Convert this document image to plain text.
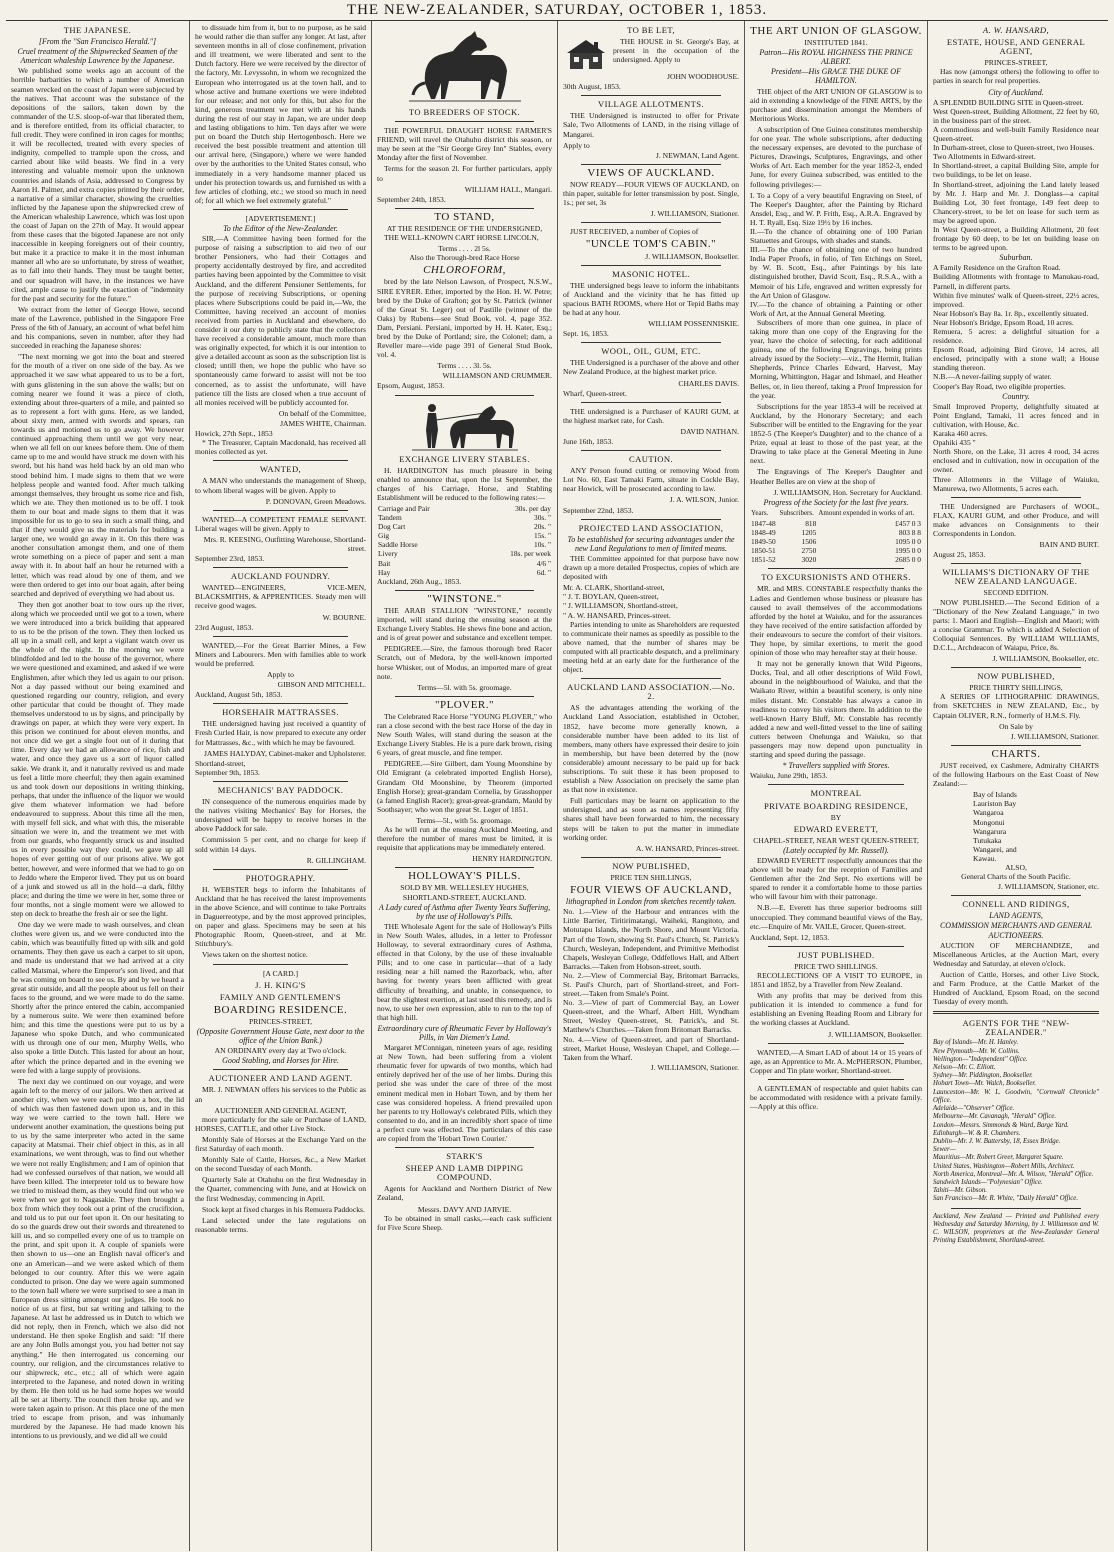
THE NEW-ZEALANDER, SATURDAY, OCTOBER 1, 1853.
THE JAPANESE.
[From the "San Francisco Herald."]
Cruel treatment of the Shipwrecked Seamen of the American whaleship Lawrence by the Japanese.

We published some weeks ago an account of the horrible barbarities to which a number of American seamen wrecked on the coast of Japan were subjected by the natives. That account was the substance of the depositions of the sailors, taken down by the commander of the U.S. sloop-of-war that liberated them, and is therefore entitled, from its official character, to full credit. They were confined in iron cages for months; it will be recollected, treated with every species of indignity, compelled to trample upon the cross, and carried about like wild beasts. We find in a very interesting and valuable memoir upon the unknown countries and islands of Asia, addressed to Congress by Aaron H. Palmer, and extra copies printed by their order, a narrative of a similar character, showing the cruelties inflicted by the Japanese upon the shipwrecked crew of the American whaleship Lawrence, which was lost upon the coast of Japan on the 27th of May. It would appear from these cases that the bigoted Japanese are not only inaccessible in keeping foreigners out of their country, but make it a practice to make it in the most inhuman manner all who are so unfortunate, by stress of weather, as to fall into their hands. They must be taught better, and our squadron will have, in the instances we have cited, ample cause to justify the exaction of "indemnity for the past and security for the future."

We extract from the letter of George Howe, second mate of the Lawrence, published in the Singapore Free Press of the 6th of January, an account of what befel him and his companions, seven in number, after they had succeeded in reaching the Japanese shores:

"The next morning we got into the boat and steered for the mouth of a river on one side of the bay. As we approached it we saw what appeared to us to be a fort, with guns glistening in the sun above the walls; but on coming nearer we found it was a piece of cloth, extending about three-quarters of a mile, and painted so as to represent a fort with guns. Here, as we landed, about sixty men, armed with swords and spears, ran towards us and motioned us to go away. We however continued approaching them until we got very near, when we all fell on our knees before them. One of them came up to me and would have struck me down with his sword, but his hand was held back by an old man who stood behind him. I made signs to them that we were helpless people and wanted food. After much talking amongst themselves, they brought us some rice and fish, which we ate. They then motioned us to be off. I took them to our boat and made signs to them that it was impossible for us to go to sea in such a small thing, and that if they would give us the materials for building a larger one, we would go away in it. On this there was another consultation amongst them, and one of them wrote something on a piece of paper and sent a man away with it. In about half an hour he returned with a letter, which was read aloud by one of them, and we were then ordered to get into our boat again, after being searched and deprived of everything we had about us.

They then got another boat to tow ours up the river, along which we proceeded until we got to a town, where we were introduced into a brick building that appeared to us to be the prison of the town. They then locked us all up in a small cell, and kept a vigilant watch over us the whole of the night. In the morning we were blindfolded and led to the house of the governor, where we were questioned and examined, and asked if we were Englishmen, after which they led us again to our prison. Not a day passed without our being examined and questioned regarding our country, religion, and every other particular that could be thought of. They made themselves understood to us by signs, and principally by drawings on paper, at which they were very expert. In this prison we continued for about eleven months, and not once did we get a single foot out of it during that time. Every day we had an allowance of rice, fish and water, and once they gave us a sort of liquor called sakie. We drank it, and it naturally revived us and made us feel a little more cheerful; they then again examined us and took down our depositions in writing thinking, perhaps, that under the influence of the liquor we would give them whatever information we had before endeavoured to suppress. About this time all the men, with myself fell sick, and what with this, the miserable situation we were in, and the treatment we met with from our guards, who frequently struck us and insulted us in every possible way they could, we gave up all hopes of ever getting out of our prisons alive. We got better, however, and were informed that we had to go on to Jeddo where the Emperor lived. They put us on board of a junk and stowed us all in the hold—a dark, filthy place; and during the time we were in her, some three or four months, not a single moment were we allowed to step on deck to breathe the fresh air or see the light.

One day we were made to wash ourselves, and clean clothes were given us, and we were conducted into the cabin, which was beautifully fitted up with silk and gold ornaments. They then gave us each a carpet to sit upon, and made us understand that we had arrived at a city called Matsmai, where the Emperor's son lived, and that he was coming on board to see us. By and by we heard a great stir outside, and all the people about us fell on their faces to the ground, and we were made to do the same. Shortly after the prince entered the cabin, accompanied by a numerous suite. We were then examined before him; and this time the questions were put to us by a Japanese who spoke Dutch, and who communicated with us through one of our men, Murphy Wells, who also spoke a little Dutch. This lasted for about an hour, after which the prince departed and in the evening we were fed with a large supply of provisions.

The next day we continued on our voyage, and were again left to the mercy of our jailors. We then arrived at another city, when we were each put into a box, the lid of which was then fastened down upon us, and in this way we were carried to the town hall. Here we underwent another examination, the questions being put to us by the same interpreter who acted in the same capacity at Matsmai. Their chief object in this, as in all examinations, we went through, was to find out whether we were not really Englishmen; and I am of opinion that had we confessed ourselves of that nation, we would all have been killed. The interpreter told us to beware how we tried to mislead them, as they would find out who we were when we got to Nagasakie. They then brought a box from which they took out a print of the crucifixion, and told us to put our feet upon it. On our hesitating to do so the guards drew out their swords and threatened to kill us, and so compelled every one of us to trample on the print, and spit upon it. A couple of spaniels were then shown to us—one an English naval officer's and one an American—and we were asked which of them belonged to our country. After this we were again conducted to prison. One day we were again summoned to the town hall where we were surprised to see a man in European dress sitting amongst our judges. He took no notice of us at first, but sat writing and talking to the Japanese. At last he addressed us in Dutch to which we did not reply, then in French, which we also did not understand. He then spoke English and said: "If there are any John Bulls amongst you, you had better not say anything." He then interrogated us concerning our country, our religion, and the circumstances relative to our shipwreck, etc., etc.; all of which were again interpreted to the Japanese, and noted down in writing by them. He then told us he had some hopes we would all be set at liberty. The council then broke up, and we were taken again to prison. At this place one of the men tried to escape from prison, and was inhumanly murdered by the Japanese. He had made known his intentions to us previously, and we did all we could

to dissuade him from it, but to no purpose, as he said he would rather die than suffer any longer. At last, after seventeen months in all of close confinement, privation and ill treatment, we were liberated and sent to the Dutch factory. Here we were received by the director of the factory, Mr. Levyssohn, in whom we recognized the European who interrogated us at the town hall, and to whose active and humane exertions we were indebted for our release; and not only for this, but also for the kind, generous treatment we met with at his hands during the rest of our stay in Japan, we are under deep and lasting obligations to him. Ten days after we were put on board the Dutch ship Hertogenbosch. Here we received the best possible treatment and attention till our arrival here, (Singapore,) where we were handed over by the authorities to the United States consul, who immediately in a very handsome manner placed us under his protection towards us, and furnished us with a few articles of clothing, etc.; we stood so much in need of; for all which we feel extremely grateful."

[ADVERTISEMENT.]
To the Editor of the New-Zealander.

SIR,—A Committee having been formed for the purpose of raising a subscription to aid two of our brother Pensioners, who had their Cottages and property accidentally destroyed by fire, and accredited parties having been appointed by the Committee to visit Auckland, and the different Pensioner Settlements, for the purpose of receiving Subscriptions, or opening places where Subscriptions could be paid in,—We, the Committee, having received an account of monies received from parties in Auckland and elsewhere, do consider it our duty to publicly state that the collectors have received a considerable amount, much more than was originally expected, for which it is our intention to give a detailed account as soon as the subscription list is closed; untill then, we hope the public who have so spontaneously came forward to assist will not be too concerned, as to assist the unfortunate, will have patience till the lists are closed when a true account of all monies received will be publicly accounted for.

On behalf of the Committee,
JAMES WHITE, Chairman.
Howick, 27th Sept., 1853

* The Treasurer, Captain Macdonald, has received all monies collected as yet.

WANTED,

A MAN who understands the management of Sheep, to whom liberal wages will be given. Apply to

P. DONOVAN, Green Meadows.

WANTED—A COMPETENT FEMALE SERVANT. Liberal wages will be given. Apply to

Mrs. R. KEESING, Outfitting Warehouse, Shortland-street.
September 23rd, 1853.
AUCKLAND FOUNDRY.

WANTED—ENGINEERS, VICE-MEN, BLACKSMITHS, & APPRENTICES. Steady men will receive good wages.

W. BOURNE.
23rd August, 1853.

WANTED,—For the Great Barrier Mines, a Few Miners and Labourers. Men with families able to work would be preferred.

Apply to
GIBSON AND MITCHELL.
Auckland, August 5th, 1853.
HORSEHAIR MATTRASSES.

THE undersigned having just received a quantity of Fresh Curled Hair, is now prepared to execute any order for Mattrasses, &c., with which he may be favoured.

JAMES HALYDAY, Cabinet-maker and Upholsterer.
Shortland-street,
September 9th, 1853.
MECHANICS' BAY PADDOCK.

IN consequence of the numerous enquiries made by the natives visiting Mechanics' Bay for Horses, the undersigned will be happy to receive horses in the above Paddock for sale.

Commission 5 per cent, and no charge for keep if sold within 14 days.

R. GILLINGHAM.
PHOTOGRAPHY.

H. WEBSTER begs to inform the Inhabitants of Auckland that he has received the latest improvements in the above Science, and will continue to take Portraits in Daguerreotype, and by the most approved principles, on paper and glass. Specimens may be seen at his Photographic Room, Queen-street, and at Mr. Stitchbury's.

Views taken on the shortest notice.

[A CARD.]
J. H. KING'S
FAMILY AND GENTLEMEN'S
BOARDING RESIDENCE.
PRINCES-STREET,
(Opposite Government House Gate, next door to the office of the Union Bank.)
AN ORDINARY every day at Two o'clock.
Good Stabling, and Horses for Hire.
AUCTIONEER AND LAND AGENT.

MR. J. NEWMAN offers his services to the Public as an

AUCTIONEER AND GENERAL AGENT,

more particularly for the sale or Purchase of LAND, HORSES, CATTLE, and other Live Stock.

Monthly Sale of Horses at the Exchange Yard on the first Saturday of each month.

Monthly Sale of Cattle, Horses, &c., a New Market on the second Tuesday of each Month.

Quarterly Sale at Otahuhu on the first Wednesday in the Quarter, commencing with June, and at Howick on the first Wednesday, commencing in April.

Stock kept at fixed charges in his Remuera Paddocks.

Land selected under the late regulations on reasonable terms.

TO BREEDERS OF STOCK.

THE POWERFUL DRAUGHT HORSE FARMER'S FRIEND, will travel the Otahuhu district this season, or may be seen at the "Sir George Grey Inn" Stables, every Monday after the first of November.

Terms for the season 2l. For further particulars, apply to

WILLIAM HALL, Mangari.
September 24th, 1853.
TO STAND,
AT THE RESIDENCE OF THE UNDERSIGNED,

THE WELL-KNOWN CART HORSE LINCOLN,

Terms . . . . 2l 5s.
Also the Thorough-bred Race Horse
CHLOROFORM,

bred by the late Nelson Lawson, of Prospect, N.S.W., SIRE EYRER. Ether, imported by the Hon. H. W. Petre; bred by the Duke of Grafton; got by St. Patrick (winner of the Great St. Leger) out of Pastille (winner of the Oaks) by Rubens—see Stud Book, vol. 4, page 352. Dam, Persiani. Persiani, imported by H. H. Kater, Esq.; bred by the Duke of Portland; sire, the Colonel; dam, a Reveller mare—vide page 391 of General Stud Book, vol. 4.

Terms . . . . 3l. 5s.
WILLIAMSON AND CRUMMER.
Epsom, August, 1853.
EXCHANGE LIVERY STABLES.

H. HARDINGTON has much pleasure in being enabled to announce that, upon the 1st September, the charges of his Carriage, Horse, and Stabling Establishment will be reduced to the following rates:—

Carriage and Pair	30s. per day
Tandem	30s. "
Dog Cart	20s. "
Gig	15s. "
Saddle Horse	10s. "
Livery	18s. per week
Bait	4/6 "
Hay	6d. "
Auckland, 26th Aug., 1853.
"WINSTONE."

THE ARAB STALLION "WINSTONE," recently imported, will stand during the ensuing season at the Exchange Livery Stables. He shews fine bone and action, and is of great power and substance and excellent temper.

PEDIGREE.—Sire, the famous thorough bred Racer Scratch, out of Medora, by the well-known imported horse Whisker, out of Modus, an imported mare of great note.

Terms—5l. with 5s. groomage.
"PLOVER."

The Celebrated Race Horse "YOUNG PLOVER," who ran a close second with the best race Horse of the day in New South Wales, will stand during the season at the Exchange Livery Stables. He is a pure dark brown, rising 6 years, of great muscle, and fine temper.

PEDIGREE.—Sire Gilbert, dam Young Moonshine by Old Emigrant (a celebrated imported English Horse), Grandam Old Moonshine, by Theorem (imported English Horse); great-grandam Cornelia, by Grasshopper (a famed English Racer); great-great-grandam, Mauld by Soothsayer; who won the great St. Leger of 1851.

Terms—5l., with 5s. groomage.

As he will run at the ensuing Auckland Meeting, and therefore the number of mares must be limited, it is requisite that applications may be immediately entered.

HENRY HARDINGTON.
HOLLOWAY'S PILLS.
SOLD BY MR. WELLESLEY HUGHES,
SHORTLAND-STREET, AUCKLAND.
A Lady cured of Asthma after Twenty Years Suffering, by the use of Holloway's Pills.

THE Wholesale Agent for the sale of Holloway's Pills in New South Wales, alludes, in a letter to Professor Holloway, to several extraordinary cures of Asthma, effected in that Colony, by the use of these invaluable Pills; and to one case in particular—that of a lady residing near a hill named the Razorback, who, after having for twenty years been afflicted with great difficulty of breathing, and unable, in consequence, to bear the slightest exertion, at last used this remedy, and is now, to use her own expression, able to run to the top of that high hill.

Extraordinary cure of Rheumatic Fever by Holloway's Pills, in Van Diemen's Land.

Margaret M'Connigan, nineteen years of age, residing at New Town, had been suffering from a violent rheumatic fever for upwards of two months, which had entirely deprived her of the use of her limbs. During this period she was under the care of three of the most eminent medical men in Hobart Town, and by them her case was considered hopeless. A friend prevailed upon her parents to try Holloway's celebrated Pills, which they consented to do, and in an incredibly short space of time a perfect cure was effected. The particulars of this case are copied from the 'Hobart Town Courier.'

STARK'S
SHEEP AND LAMB DIPPING COMPOUND.

Agents for Auckland and Northern District of New Zealand,

Messrs. DAVY AND JARVIE.

To be obtained in small casks,—each cask sufficient for Five Score Sheep.

TO BE LET,

THE HOUSE in St. George's Bay, at present in the occupation of the undersigned. Apply to

JOHN WOODHOUSE.
30th August, 1853.
VILLAGE ALLOTMENTS.

THE Undersigned is instructed to offer for Private Sale, Two Allotments of LAND, in the rising village of Mangarei.

Apply to
J. NEWMAN, Land Agent.
VIEWS OF AUCKLAND.

NOW READY—FOUR VIEWS OF AUCKLAND, on thin paper, suitable for letter transmission by post. Single, 1s.; per set, 3s

J. WILLIAMSON, Stationer.

JUST RECEIVED, a number of Copies of

"UNCLE TOM'S CABIN."
J. WILLIAMSON, Bookseller.
MASONIC HOTEL.

THE undersigned begs leave to inform the inhabitants of Auckland and the vicinity that he has fitted up spacious BATH ROOMS, where Hot or Tepid Baths may be had at any hour.

WILLIAM POSSENNISKIE.
Sept. 16, 1853.
WOOL, OIL, GUM, ETC.

THE Undersigned is a purchaser of the above and other New Zealand Produce, at the highest market price.

CHARLES DAVIS.
Wharf, Queen-street.

THE undersigned is a Purchaser of KAURI GUM, at the highest market rate, for Cash.

DAVID NATHAN.
June 16th, 1853.
CAUTION.

ANY Person found cutting or removing Wood from Lot No. 60, East Tamaki Farm, situate in Cockle Bay, near Howick, will be prosecuted according to law.

J. A. WILSON, Junior.
September 22nd, 1853.
PROJECTED LAND ASSOCIATION,
To be established for securing advantages under the new Land Regulations to men of limited means.

THE Committee appointed for that purpose have now drawn up a more detailed Prospectus, copies of which are deposited with

Mr. A. CLARK, Shortland-street,
" J. T. BOYLAN, Queen-street,
" J. WILLIAMSON, Shortland-street,
" A. W. HANSARD, Princes-street.

Parties intending to unite as Shareholders are requested to communicate their names as speedily as possible to the above named, that the number of shares may be computed with all practicable despatch, and a preliminary meeting held at an early date for the furtherance of the object.

AUCKLAND LAND ASSOCIATION.—No. 2.

AS the advantages attending the working of the Auckland Land Association, established in October, 1852, have become more generally known, a considerable number have been added to its list of members, many others have expressed their desire to join in membership, but have been deterred by the (now considerable) amount necessary to be paid up for back subscriptions. To suit these it has been proposed to establish a New Association on precisely the same plan as that now in existence.

Full particulars may be learnt on application to the undersigned, and as soon as names representing fifty shares shall have been forwarded to him, the necessary steps will be taken to put the matter in immediate working order.

A. W. HANSARD, Princes-street.
NOW PUBLISHED,
PRICE TEN SHILLINGS,
FOUR VIEWS OF AUCKLAND,
lithographed in London from sketches recently taken.
No. 1.—View of the Harbour and entrances with the Little Barrier, Tiritirimatangi, Waiheki, Rangitoto, and Motutapu Islands, the North Shore, and Mount Victoria. Part of the Town, showing St. Paul's Church, St. Patrick's Church, Wesleyan, Independent, and Primitive Methodist Chapels, Wesleyan College, Oddfellows Hall, and Albert Barracks.—Taken from Hobson-street, south.
No. 2.—View of Commercial Bay, Britomart Barracks, St. Paul's Church, part of Shortland-street, and Fort-street.—Taken from Smale's Point.
No. 3.—View of part of Commercial Bay, an Lower Queen-street, and the Wharf, Albert Hill, Wyndham Street, Wesley Queen-street, St. Patrick's, and St. Matthew's Churches.—Taken from Britomart Barracks.
No. 4.—View of Queen-street, and part of Shortland-street, Market House, Wesleyan Chapel, and College.—Taken from the Wharf.
J. WILLIAMSON, Stationer.
THE ART UNION OF GLASGOW.
INSTITUTED 1841.
Patron—His ROYAL HIGHNESS THE PRINCE ALBERT.
President—His GRACE THE DUKE OF HAMILTON.

THE object of the ART UNION OF GLASGOW is to aid in extending a knowledge of the FINE ARTS, by the purchase and dissemination amongst the Members of Meritorious Works.

A subscription of One Guinea constitutes membership for one year. The whole subscriptions, after deducting the necessary expenses, are devoted to the purchase of Pictures, Drawings, Sculptures, Engravings, and other Works of Art. Each member for the year 1852-3, ended June, for every Guinea subscribed, was entitled to the following privileges:—

I. To a Copy of a very beautiful Engraving on Steel, of The Keeper's Daughter, after the Painting by Richard Ansdel, Esq., and W. P. Frith, Esq., A.R.A. Engraved by H. T. Ryall, Esq. Size 19½ by 16 inches.
II.—To the chance of obtaining one of 100 Parian Statuettes and Groups, with shades and stands.
III.—To the chance of obtaining one of two hundred India Paper Proofs, in folio, of Ten Etchings on Steel, by W. B. Scott, Esq., after Paintings by his late distinguished brother, David Scott, Esq., R.S.A., with a Memoir of his Life, engraved and written expressly for the Art Union of Glasgow.
IV.—To the chance of obtaining a Painting or other Work of Art, at the Annual General Meeting.

Subscribers of more than one guinea, in place of taking more than one copy of the Engraving for the year, have the choice of selecting, for each additional guinea, one of the following Engravings, being prints already issued by the Society:—viz., The Hermit, Italian Shepherds, Prince Charles Edward, Harvest, May Morning, Whittington, Hagar and Ishmael, and Heather Belles, or, in lieu thereof, taking a Proof Impression for the year.

Subscriptions for the year 1853-4 will be received at Auckland, by the Honorary Secretary; and each Subscriber will be entitled to the Engraving for the year 1852-5 (The Keeper's Daughter) and to the chance of a Prize, equal at least to those of the past year, at the Drawing to take place at the General Meeting in June next.

The Engravings of The Keeper's Daughter and Heather Belles are on view at the shop of

J. WILLIAMSON, Hon. Secretary for Auckland.
Progress of the Society for the last five years.
Years.	Subscribers.	Amount expended in works of art.
1847-48	818	£457 0 3
1848-49	1205	803 8 8
1849-50	1506	1095 0 0
1850-51	2750	1995 0 0
1851-52	3020	2685 0 0
TO EXCURSIONISTS AND OTHERS.

MR. and MRS. CONSTABLE respectfully thanks the Ladies and Gentlemen whose business or pleasure has caused to avail themselves of the accommodations afforded by the hotel at Waiuku, and for the assurances they have received of the entire satisfaction afforded by their endeavours to secure the comfort of their visitors. They hope, by similar exertions, to merit the good opinion of those who may hereafter stay at their house.

It may not be generally known that Wild Pigeons, Ducks, Teal, and all other descriptions of Wild Fowl, abound in the neighbourhood of Waiuku, and that the Waikato River, within a beautiful scenery, is only nine miles distant. Mr. Constable has always a canoe in readiness to convey his visitors there. In addition to the well-known Harry Bluff, Mr. Constable has recently added a new and well-fitted vessel to the line of sailing cutters between Onehunga and Waiuku, so that passengers may now depend upon punctuality in starting and speed during the passage.

* Travellers supplied with Stores.
Waiuku, June 29th, 1853.
MONTREAL
PRIVATE BOARDING RESIDENCE,
BY
EDWARD EVERETT,
CHAPEL-STREET, NEAR WEST QUEEN-STREET,
(Lately occupied by Mr. Russell).

EDWARD EVERETT respectfully announces that the above will be ready for the reception of Families and Gentlemen after the 2nd Sept. No exertions will be spared to render it a comfortable home to those parties who will favour him with their patronage.

N.B.—E. Everett has three superior bedrooms still unoccupied. They command beautiful views of the Bay, etc.—Enquire of Mr. VAILE, Grocer, Queen-street.

Auckland, Sept. 12, 1853.
JUST PUBLISHED.
PRICE TWO SHILLINGS.

RECOLLECTIONS OF A VISIT TO EUROPE, in 1851 and 1852, by a Traveller from New Zealand.

With any profits that may be derived from this publication it is intended to commence a fund for establishing an Evening Reading Room and Library for the working classes at Auckland.

J. WILLIAMSON, Bookseller.

WANTED,—A Smart LAD of about 14 or 15 years of age, as an Apprentice to Mr. A. McPHERSON, Plumber, Copper and Tin plate worker, Shortland-street.

A GENTLEMAN of respectable and quiet habits can be accommodated with residence with a private family.—Apply at this office.

A. W. HANSARD,
ESTATE, HOUSE, AND GENERAL AGENT,
PRINCES-STREET,

Has now (amongst others) the following to offer to parties in search for real properties.

City of Auckland.
A SPLENDID BUILDING SITE in Queen-street.
West Queen-street, Building Allotment, 22 feet by 60, in the business part of the street.
A commodious and well-built Family Residence near Queen-street.
In Durham-street, close to Queen-street, two Houses.
Two Allotments in Edward-street.
In Shortland-street, a capital Building Site, ample for two buildings, to be let on lease.
In Shortland-street, adjoining the Land lately leased by Mr. J. Harp and Mr. J. Donglass—a capital Building Lot, 30 feet frontage, 149 feet deep to Chancery-street, to be let on lease for such term as may be agreed upon.
In West Queen-street, a Building Allotment, 20 feet frontage by 60 deep, to be let on building lease on terms to be agreed upon.
Suburban.
A Family Residence on the Grafton Road.
Building Allotments with frontage to Manukau-road, Parnell, in different parts.
Within five minutes' walk of Queen-street, 22½ acres, improved.
Near Hobson's Bay 8a. 1r. 8p., excellently situated.
Near Hobson's Bridge, Epsom Road, 10 acres.
Remuera, 5 acres: a delightful situation for a residence.
Epsom Road, adjoining Bird Grove, 14 acres, all enclosed, principally with a stone wall; a House standing thereon.
N.B.—A never-failing supply of water.
Cooper's Bay Road, two eligible properties.
Country.
Small Improved Property, delightfully situated at Point England, Tamaki, 11 acres fenced and in cultivation, with House, &c.
Karaka 460 acres.
Opahiki 435 "
North Shore, on the Lake, 31 acres 4 rood, 34 acres enclosed and in cultivation, now in occupation of the owner.
Three Allotments in the Village of Waiuku, Manurewa, two Allotments, 5 acres each.

THE Undersigned are Purchasers of WOOL, FLAX, KAURI GUM, and other Produce, and will make advances on Consignments to their Correspondents in London.

BAIN AND BURT.
August 25, 1853.
WILLIAMS'S DICTIONARY OF THE NEW ZEALAND LANGUAGE.
SECOND EDITION.

NOW PUBLISHED.—The Second Edition of a "Dictionary of the New Zealand Language," in two parts: 1. Maori and English—English and Maori; with a concise Grammar. To which is added A Selection of Colloquial Sentences. By WILLIAM WILLIAMS, D.C.L., Archdeacon of Waiapu, Price, 8s.

J. WILLIAMSON, Bookseller, etc.
NOW PUBLISHED,
PRICE THIRTY SHILLINGS,

A SERIES OF LITHOGRAPHIC DRAWINGS, from SKETCHES in NEW ZEALAND, Etc., by Captain OLIVER, R.N., formerly of H.M.S. Fly.

On Sale by
J. WILLIAMSON, Stationer.
CHARTS.

JUST received, ex Cashmere, Admiralty CHARTS of the following Harbours on the East Coast of New Zealand:—

Bay of Islands
Lauriston Bay
Wangaroa
Mongonui
Wangarura
Tutukaka
Wangarei, and
Kawau.
ALSO,
General Charts of the South Pacific.
J. WILLIAMSON, Stationer, etc.
CONNELL AND RIDINGS,
LAND AGENTS,
COMMISSION MERCHANTS AND GENERAL AUCTIONEERS.

AUCTION OF MERCHANDIZE, and Miscellaneous Articles, at the Auction Mart, every Wednesday and Saturday, at eleven o'clock.

Auction of Cattle, Horses, and other Live Stock, and Farm Produce, at the Cattle Market of the Hundred of Auckland, Epsom Road, on the second Tuesday of every month.

AGENTS FOR THE "NEW-ZEALANDER."
Bay of Islands—Mr. H. Hanley.
New Plymouth—Mr. W. Collins.
Wellington—"Independent" Office.
Nelson—Mr. C. Elliott.
Sydney—Mr. Piddington, Bookseller.
Hobart Town—Mr. Walch, Bookseller.
Launceston—Mr. W. L. Goodwin, "Cornwall Chronicle" Office.
Adelaide—"Observer" Office.
Melbourne—Mr. Cavanagh, "Herald" Office.
London—Messrs. Simmonds & Ward, Barge Yard.
Edinburgh—W. & R. Chambers.
Dublin—Mr. J. W. Battersby, 18, Essex Bridge.
Sewer—
Mauritius—Mr. Robert Greer, Margaret Square.
United States, Washington—Robert Mills, Architect.
North America, Montreal—Mr. A. Wilson, "Herald" Office.
Sandwich Islands—"Polynesian" Office.
Tahiti—Mr. Gibson.
San Francisco—Mr. R. White, "Daily Herald" Office.
Auckland, New Zealand — Printed and Published every Wednesday and Saturday Morning, by J. Williamson and W. C. WILSON, proprietors at the New-Zealander General Printing Establishment, Shortland-street.
